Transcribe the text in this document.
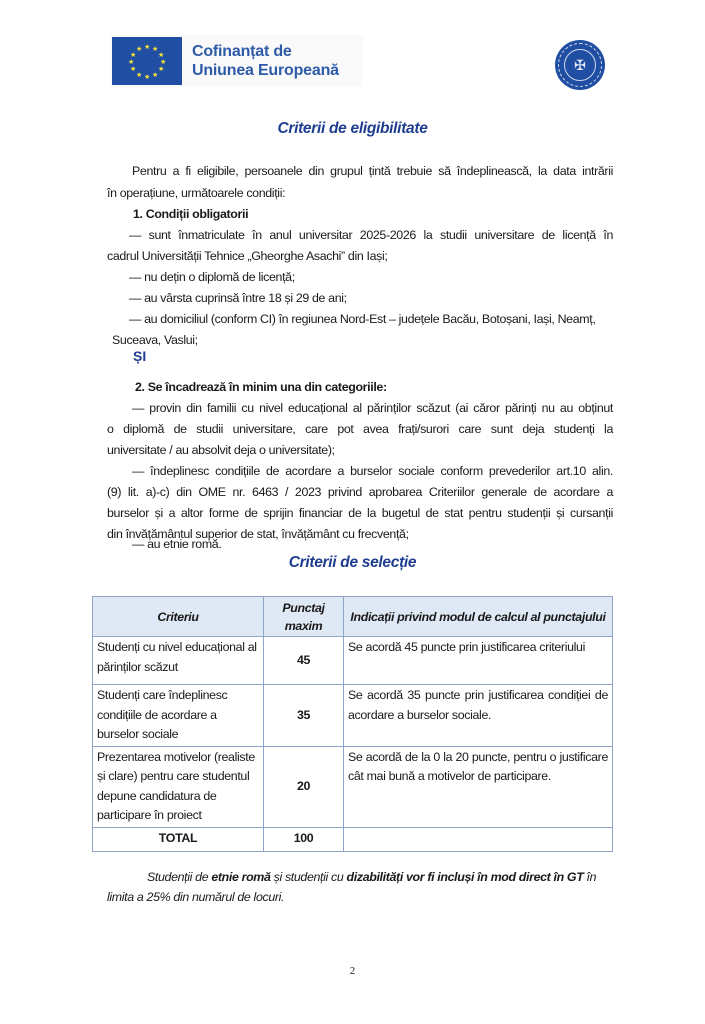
★ ★
★
★
★
★
★
★
★
★
★
★	Cofinanțat de
Uniunea Europeană	✠
Criterii de eligibilitate
Pentru a fi eligibile, persoanele din grupul țintă trebuie să îndeplinească, la data intrării
în operațiune, următoarele condiții:
1. Condiții obligatorii
— sunt înmatriculate în anul universitar 2025-2026 la studii universitare de licență în
cadrul Universității Tehnice „Gheorghe Asachi” din Iași;
— nu dețin o diplomă de licență;
— au vârsta cuprinsă între 18 și 29 de ani;
— au domiciliul (conform CI) în regiunea Nord-Est – județele Bacău, Botoșani, Iași, Neamț,
Suceava, Vaslui;
ȘI
2. Se încadrează în minim una din categoriile:
— provin din familii cu nivel educațional al părinților scăzut (ai căror părinți nu au obținut
o diplomă de studii universitare, care pot avea frați/surori care sunt deja studenți la
universitate / au absolvit deja o universitate);
— îndeplinesc condițiile de acordare a burselor sociale conform prevederilor art.10 alin.
(9) lit. a)-c) din OME nr. 6463 / 2023 privind aprobarea Criteriilor generale de acordare a
burselor și a altor forme de sprijin financiar de la bugetul de stat pentru studenții și cursanții
din învățământul superior de stat, învățământ cu frecvență;
— au etnie romă.
Criterii de selecție
Criteriu	Punctaj maxim	Indicații privind modul de calcul al punctajului
Studenți cu nivel educațional al părinților scăzut	45	Se acordă 45 puncte prin justificarea criteriului
Studenți care îndeplinesc condițiile de acordare a burselor sociale	35	Se acordă 35 puncte prin justificarea condiției de acordare a burselor sociale.
Prezentarea motivelor (realiste și clare) pentru care studentul depune candidatura de participare în proiect	20	Se acordă de la 0 la 20 puncte, pentru o justificare cât mai bună a motivelor de participare.
TOTAL	100	
Studenții de etnie romă și studenții cu dizabilități vor fi incluși în mod direct în GT în
limita a 25% din numărul de locuri.
2
